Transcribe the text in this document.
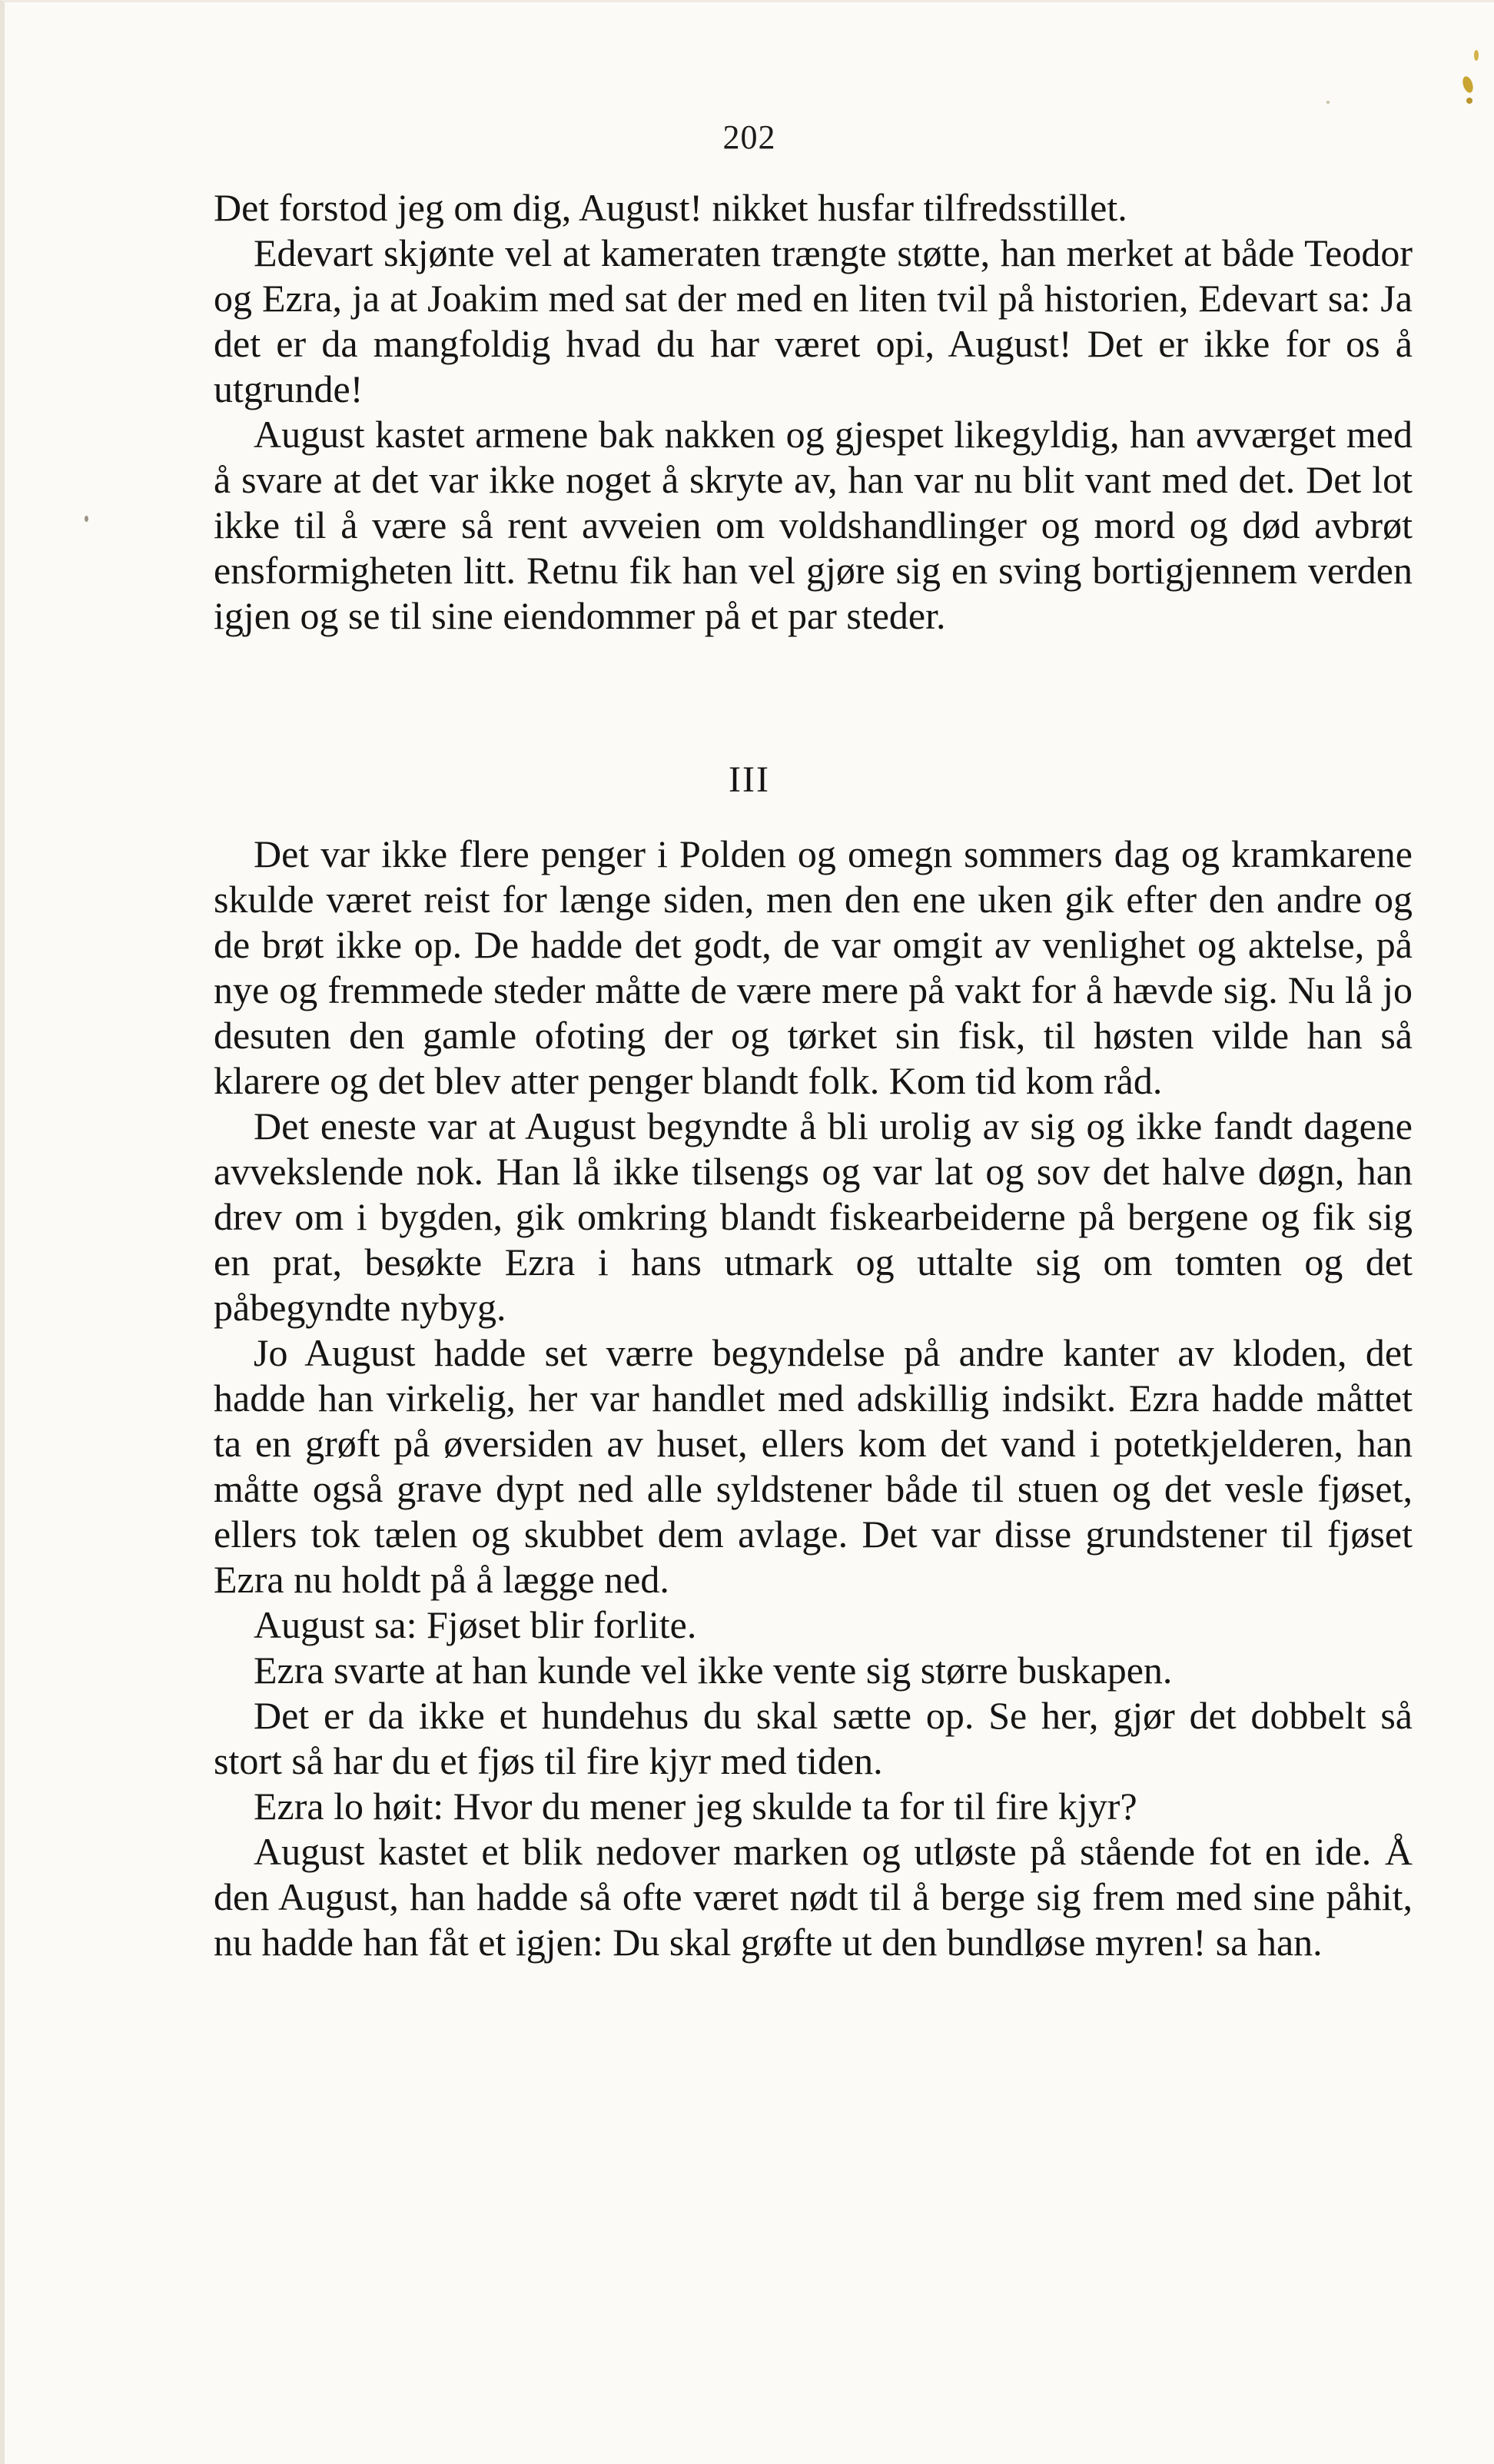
202

Det forstod jeg om dig, August! nikket husfar tilfredsstillet.

Edevart skjønte vel at kameraten trængte støtte, han merket at både Teodor og Ezra, ja at Joakim med sat der med en liten tvil på historien, Edevart sa: Ja det er da mangfoldig hvad du har været opi, August! Det er ikke for os å utgrunde!

August kastet armene bak nakken og gjespet likegyldig, han avværget med å svare at det var ikke noget å skryte av, han var nu blit vant med det. Det lot ikke til å være så rent avveien om voldshandlinger og mord og død avbrøt ensformigheten litt. Retnu fik han vel gjøre sig en sving bortigjennem verden igjen og se til sine eiendommer på et par steder.

III

Det var ikke flere penger i Polden og omegn sommers dag og kramkarene skulde været reist for længe siden, men den ene uken gik efter den andre og de brøt ikke op. De hadde det godt, de var omgit av venlighet og aktelse, på nye og fremmede steder måtte de være mere på vakt for å hævde sig. Nu lå jo desuten den gamle ofoting der og tørket sin fisk, til høsten vilde han så klarere og det blev atter penger blandt folk. Kom tid kom råd.

Det eneste var at August begyndte å bli urolig av sig og ikke fandt dagene avvekslende nok. Han lå ikke tilsengs og var lat og sov det halve døgn, han drev om i bygden, gik omkring blandt fiskearbeiderne på bergene og fik sig en prat, besøkte Ezra i hans utmark og uttalte sig om tomten og det påbegyndte nybyg.

Jo August hadde set værre begyndelse på andre kanter av kloden, det hadde han virkelig, her var handlet med adskillig indsikt. Ezra hadde måttet ta en grøft på øversiden av huset, ellers kom det vand i potetkjelderen, han måtte også grave dypt ned alle syldstener både til stuen og det vesle fjøset, ellers tok tælen og skubbet dem avlage. Det var disse grundstener til fjøset Ezra nu holdt på å lægge ned.

August sa: Fjøset blir forlite.

Ezra svarte at han kunde vel ikke vente sig større buskapen.

Det er da ikke et hundehus du skal sætte op. Se her, gjør det dobbelt så stort så har du et fjøs til fire kjyr med tiden.

Ezra lo høit: Hvor du mener jeg skulde ta for til fire kjyr?

August kastet et blik nedover marken og utløste på stående fot en ide. Å den August, han hadde så ofte været nødt til å berge sig frem med sine påhit, nu hadde han fåt et igjen: Du skal grøfte ut den bundløse myren! sa han.
